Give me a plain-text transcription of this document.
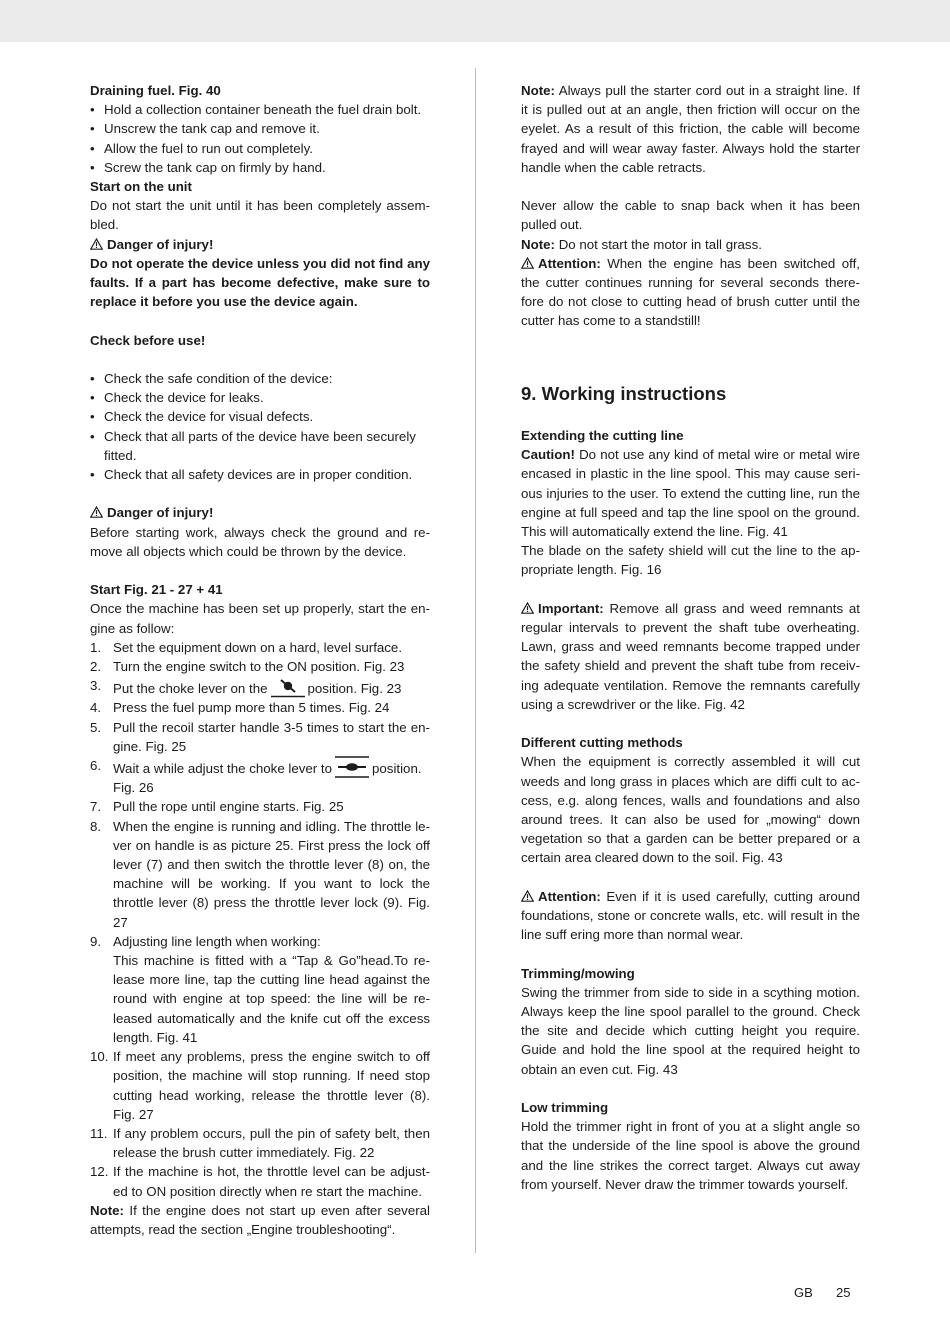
Draining fuel. Fig. 40

• Hold a collection container beneath the fuel drain bolt.
• Unscrew the tank cap and remove it.
• Allow the fuel to run out completely.
• Screw the tank cap on firmly by hand.

Start on the unit

Do not start the unit until it has been completely assem-bled.

Danger of injury!

Do not operate the device unless you did not find any faults. If a part has become defective, make sure to replace it before you use the device again.

Check before use!

• Check the safe condition of the device:
• Check the device for leaks.
• Check the device for visual defects.
• Check that all parts of the device have been securely fitted.
• Check that all safety devices are in proper condition.

Danger of injury!

Before starting work, always check the ground and re-move all objects which could be thrown by the device.

Start Fig. 21 - 27 + 41

Once the machine has been set up properly, start the en-gine as follow:

1. Set the equipment down on a hard, level surface.
2. Turn the engine switch to the ON position. Fig. 23
3. Put the choke lever on the	position. Fig. 23
4. Press the fuel pump more than 5 times. Fig. 24
5. Pull the recoil starter handle 3-5 times to start the en-gine. Fig. 25
6. Wait a while adjust the choke lever to	position.
Fig. 26
7. Pull the rope until engine starts. Fig. 25
8. When the engine is running and idling. The throttle le-ver on handle is as picture 25. First press the lock off lever (7) and then switch the throttle lever (8) on, the machine will be working. If you want to lock the throttle lever (8) press the throttle lever lock (9). Fig. 27
9. Adjusting line length when working:
This machine is fitted with a “Tap & Go”head.To re-lease more line, tap the cutting line head against the round with engine at top speed: the line will be re-leased automatically and the knife cut off the excess length. Fig. 41
10. If meet any problems, press the engine switch to off position, the machine will stop running. If need stop cutting head working, release the throttle lever (8). Fig. 27
11. If any problem occurs, pull the pin of safety belt, then release the brush cutter immediately. Fig. 22
12. If the machine is hot, the throttle level can be adjust-ed to ON position directly when re start the machine.

Note: If the engine does not start up even after several attempts, read the section „Engine troubleshooting“.

Note: Always pull the starter cord out in a straight line. If it is pulled out at an angle, then friction will occur on the eyelet. As a result of this friction, the cable will become frayed and will wear away faster. Always hold the starter handle when the cable retracts.

Never allow the cable to snap back when it has been pulled out.

Note: Do not start the motor in tall grass.

Attention: When the engine has been switched off, the cutter continues running for several seconds there-fore do not close to cutting head of brush cutter until the cutter has come to a standstill!

9. Working instructions

Extending the cutting line

Caution! Do not use any kind of metal wire or metal wire encased in plastic in the line spool. This may cause seri-ous injuries to the user. To extend the cutting line, run the engine at full speed and tap the line spool on the ground. This will automatically extend the line. Fig. 41

The blade on the safety shield will cut the line to the ap-propriate length. Fig. 16

Important: Remove all grass and weed remnants at regular intervals to prevent the shaft tube overheating. Lawn, grass and weed remnants become trapped under the safety shield and prevent the shaft tube from receiv-ing adequate ventilation. Remove the remnants carefully using a screwdriver or the like. Fig. 42

Different cutting methods

When the equipment is correctly assembled it will cut weeds and long grass in places which are diffi cult to ac-cess, e.g. along fences, walls and foundations and also around trees. It can also be used for „mowing“ down vegetation so that a garden can be better prepared or a certain area cleared down to the soil. Fig. 43

Attention: Even if it is used carefully, cutting around foundations, stone or concrete walls, etc. will result in the line suff ering more than normal wear.

Trimming/mowing

Swing the trimmer from side to side in a scything motion. Always keep the line spool parallel to the ground. Check the site and decide which cutting height you require. Guide and hold the line spool at the required height to obtain an even cut. Fig. 43

Low trimming

Hold the trimmer right in front of you at a slight angle so that the underside of the line spool is above the ground and the line strikes the correct target. Always cut away from yourself. Never draw the trimmer towards yourself.

GB 25
